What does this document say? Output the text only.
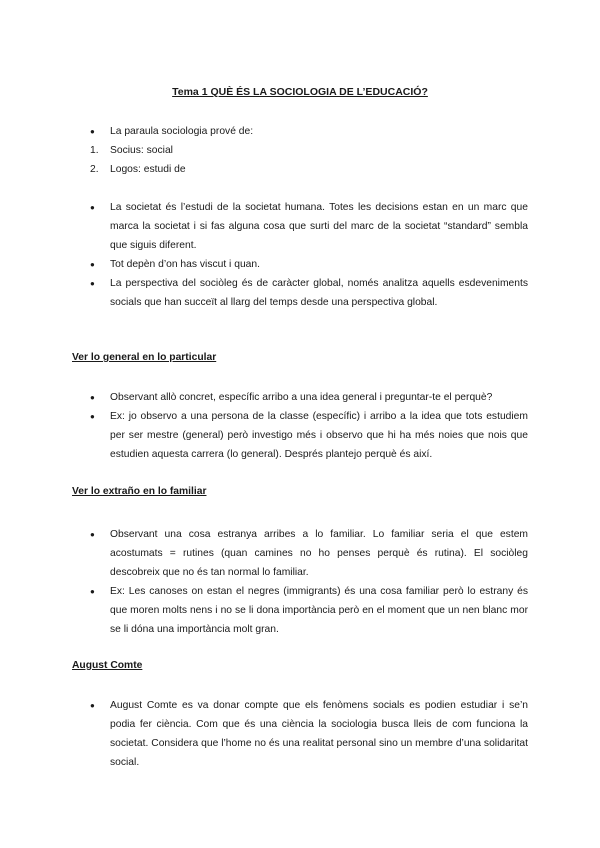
Tema 1 QUÈ ÉS LA SOCIOLOGIA DE L’EDUCACIÓ?
● La paraula sociologia prové de:
1. Socius: social
2. Logos: estudi de
● La societat és l’estudi de la societat humana. Totes les decisions estan en un marc que marca la societat i si fas alguna cosa que surti del marc de la societat “standard” sembla que siguis diferent.
● Tot depèn d’on has viscut i quan.
● La perspectiva del sociòleg és de caràcter global, només analitza aquells esdeveniments socials que han succeït al llarg del temps desde una perspectiva global.
Ver lo general en lo particular
● Observant allò concret, específic arribo a una idea general i preguntar-te el perquè?
● Ex: jo observo a una persona de la classe (específic) i arribo a la idea que tots estudiem per ser mestre (general) però investigo més i observo que hi ha més noies que nois que estudien aquesta carrera (lo general). Després plantejo perquè és així.
Ver lo extraño en lo familiar
● Observant una cosa estranya arribes a lo familiar. Lo familiar seria el que estem acostumats = rutines (quan camines no ho penses perquè és rutina). El sociòleg descobreix que no és tan normal lo familiar.
● Ex: Les canoses on estan el negres (immigrants) és una cosa familiar però lo estrany és que moren molts nens i no se li dona importància però en el moment que un nen blanc mor se li dóna una importància molt gran.
August Comte
● August Comte es va donar compte que els fenòmens socials es podien estudiar i se’n podia fer ciència. Com que és una ciència la sociologia busca lleis de com funciona la societat. Considera que l’home no és una realitat personal sino un membre d’una solidaritat social.
